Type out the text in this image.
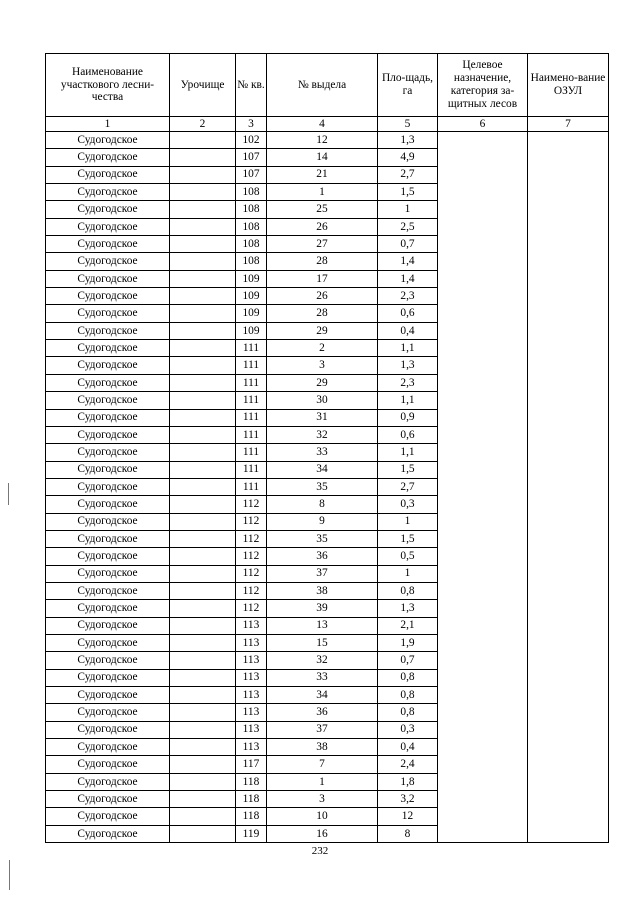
Наименование участкового лесни-чества	Урочище	№ кв.	№ выдела	Пло-щадь, га	Целевое назначение, категория за-щитных лесов	Наимено-вание ОЗУЛ
1	2	3	4	5	6	7
Судогодское		102	12	1,3		
Судогодское		107	14	4,9		
Судогодское		107	21	2,7		
Судогодское		108	1	1,5		
Судогодское		108	25	1		
Судогодское		108	26	2,5		
Судогодское		108	27	0,7		
Судогодское		108	28	1,4		
Судогодское		109	17	1,4		
Судогодское		109	26	2,3		
Судогодское		109	28	0,6		
Судогодское		109	29	0,4		
Судогодское		111	2	1,1		
Судогодское		111	3	1,3		
Судогодское		111	29	2,3		
Судогодское		111	30	1,1		
Судогодское		111	31	0,9		
Судогодское		111	32	0,6		
Судогодское		111	33	1,1		
Судогодское		111	34	1,5		
Судогодское		111	35	2,7		
Судогодское		112	8	0,3		
Судогодское		112	9	1		
Судогодское		112	35	1,5		
Судогодское		112	36	0,5		
Судогодское		112	37	1		
Судогодское		112	38	0,8		
Судогодское		112	39	1,3		
Судогодское		113	13	2,1		
Судогодское		113	15	1,9		
Судогодское		113	32	0,7		
Судогодское		113	33	0,8		
Судогодское		113	34	0,8		
Судогодское		113	36	0,8		
Судогодское		113	37	0,3		
Судогодское		113	38	0,4		
Судогодское		117	7	2,4		
Судогодское		118	1	1,8		
Судогодское		118	3	3,2		
Судогодское		118	10	12		
Судогодское		119	16	8		
232
